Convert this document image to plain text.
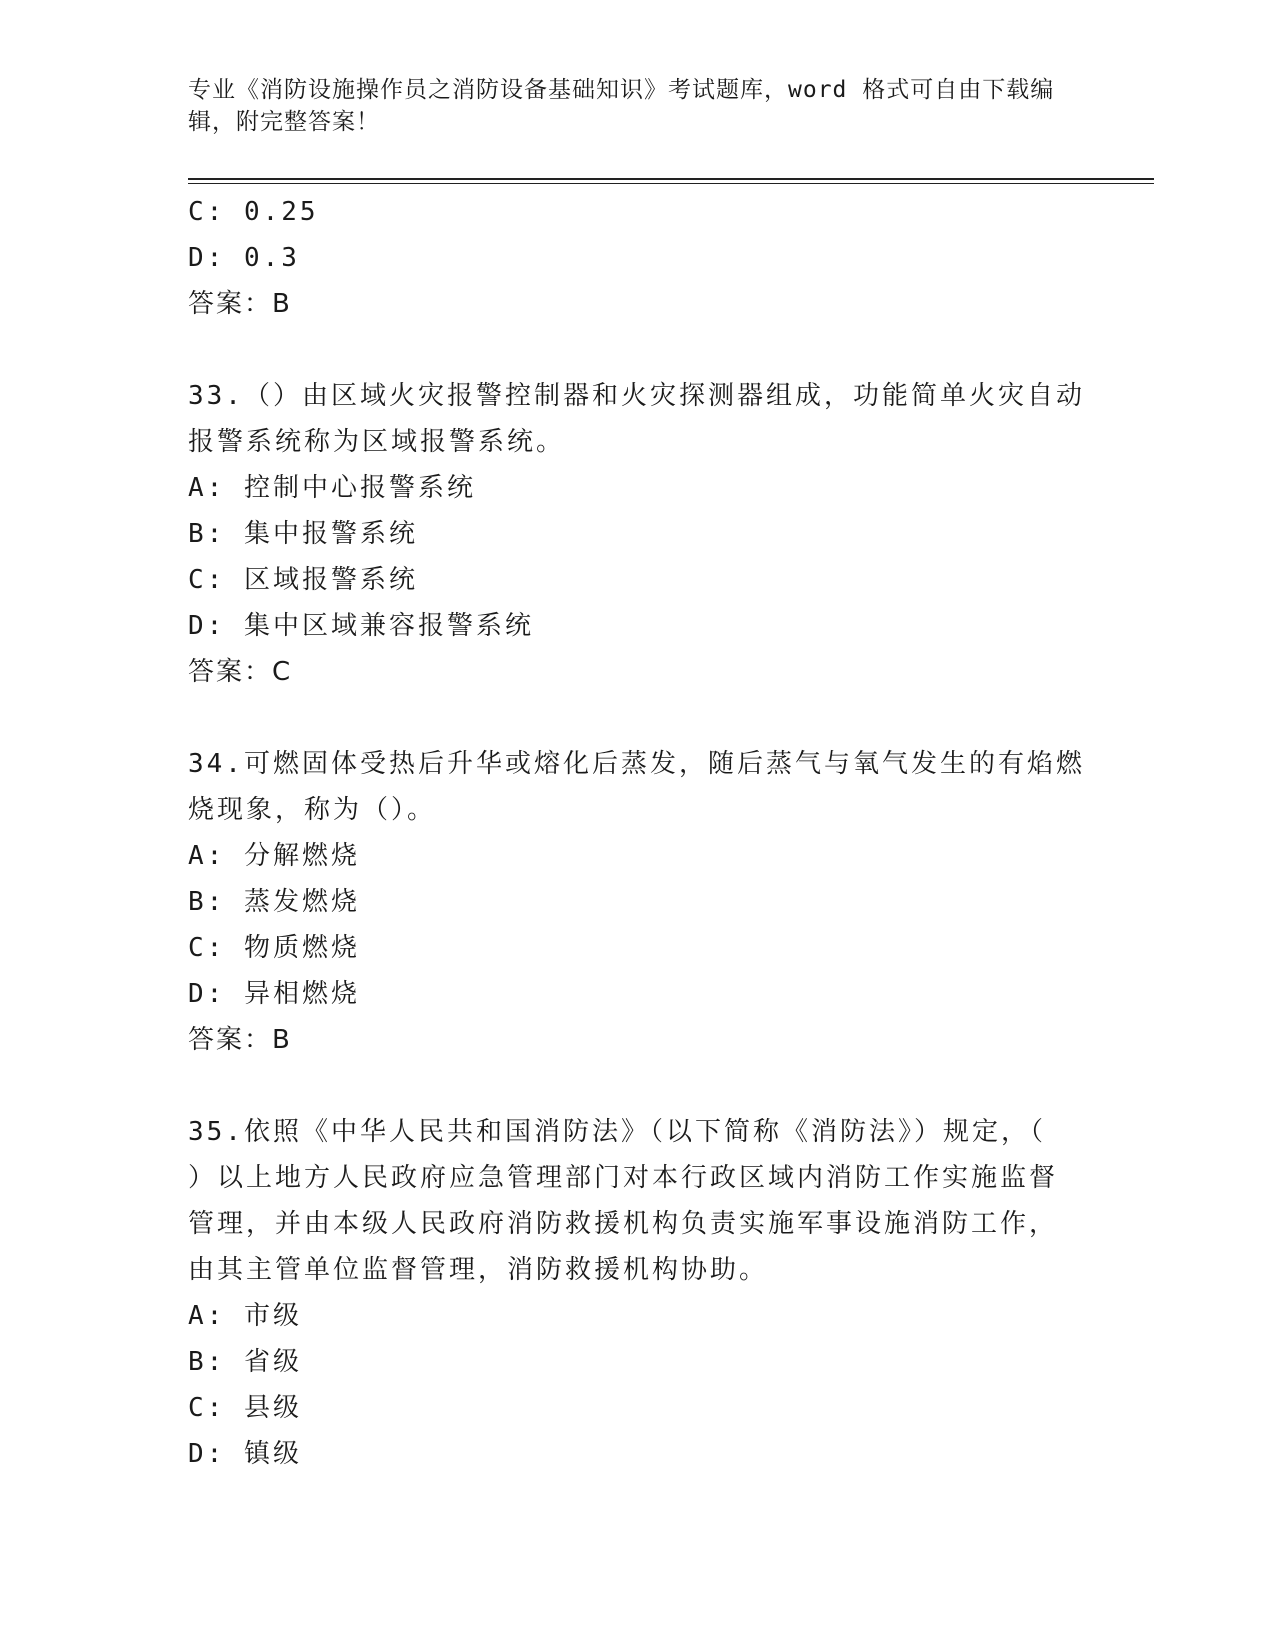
专业《消防设施操作员之消防设备基础知识》考试题库，word 格式可自由下载编
辑，附完整答案！
C: 0.25
D: 0.3
答案：B
33.（）由区域火灾报警控制器和火灾探测器组成，功能简单火灾自动
报警系统称为区域报警系统。
A: 控制中心报警系统
B: 集中报警系统
C: 区域报警系统
D: 集中区域兼容报警系统
答案：C
34.可燃固体受热后升华或熔化后蒸发，随后蒸气与氧气发生的有焰燃
烧现象，称为（）。
A: 分解燃烧
B: 蒸发燃烧
C: 物质燃烧
D: 异相燃烧
答案：B
35.依照《中华人民共和国消防法》（以下简称《消防法》）规定，（
）以上地方人民政府应急管理部门对本行政区域内消防工作实施监督
管理，并由本级人民政府消防救援机构负责实施军事设施消防工作，
由其主管单位监督管理，消防救援机构协助。
A: 市级
B: 省级
C: 县级
D: 镇级
